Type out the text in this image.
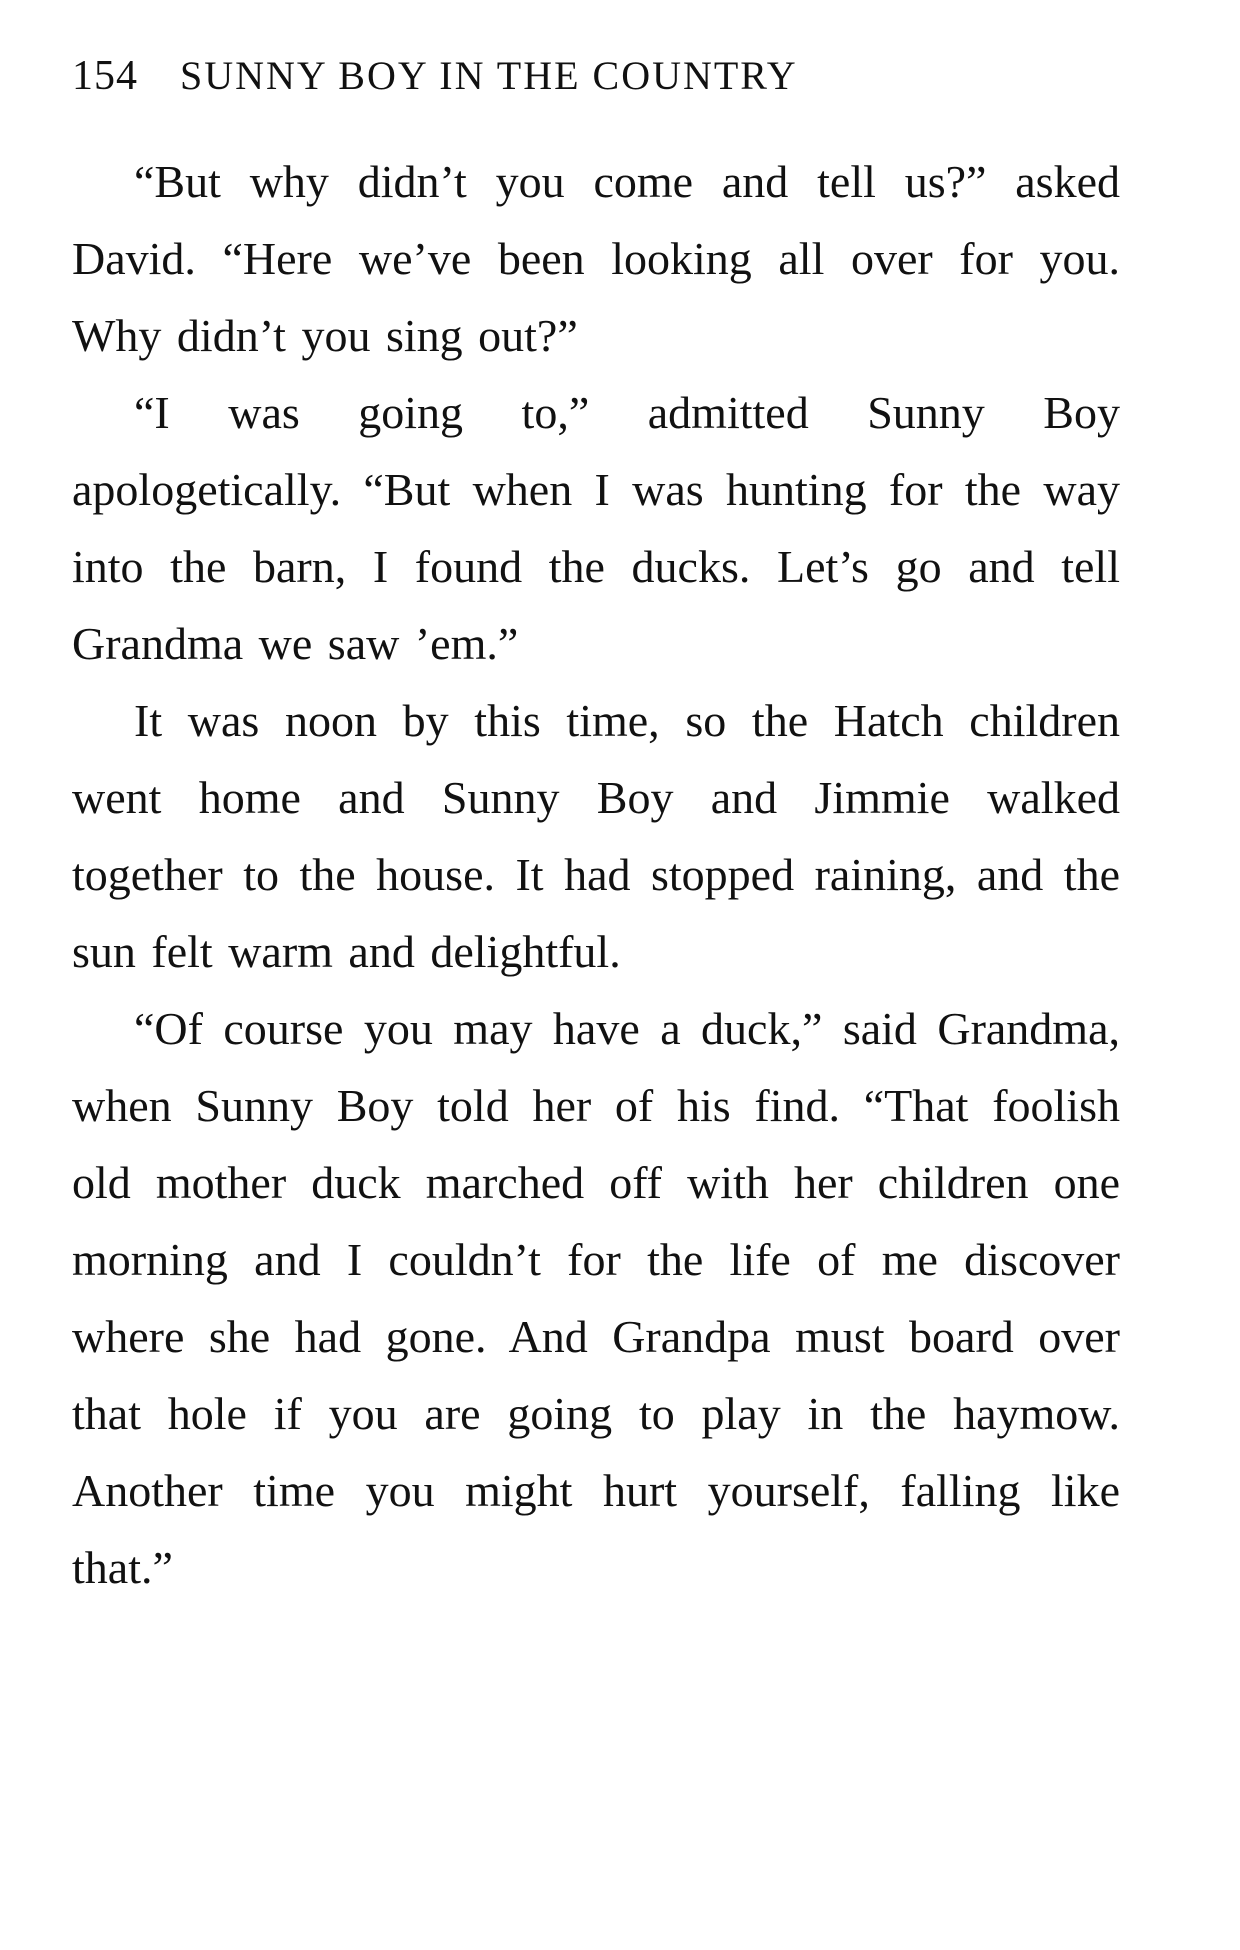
154 SUNNY BOY IN THE COUNTRY

“But why didn’t you come and tell us?” asked David. “Here we’ve been looking all over for you. Why didn’t you sing out?”

“I was going to,” admitted Sunny Boy apologetically. “But when I was hunting for the way into the barn, I found the ducks. Let’s go and tell Grandma we saw ’em.”

It was noon by this time, so the Hatch children went home and Sunny Boy and Jimmie walked together to the house. It had stopped raining, and the sun felt warm and delightful.

“Of course you may have a duck,” said Grandma, when Sunny Boy told her of his find. “That foolish old mother duck marched off with her children one morning and I couldn’t for the life of me discover where she had gone. And Grandpa must board over that hole if you are going to play in the haymow. Another time you might hurt yourself, falling like that.”
